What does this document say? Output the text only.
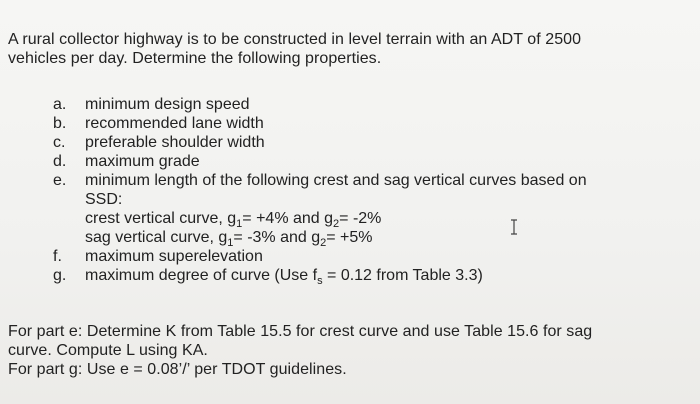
A rural collector highway is to be constructed in level terrain with an ADT of 2500
vehicles per day. Determine the following properties.
a. minimum design speed
b. recommended lane width
c. preferable shoulder width
d. maximum grade
e. minimum length of the following crest and sag vertical curves based on
SSD:
crest vertical curve, $g_1= +4\%$ and $g_2= -2\%$
sag vertical curve, $g_1= -3\%$ and $g_2= +5\%$
f. maximum superelevation
g. maximum degree of curve (Use $f_s = 0.12$ from Table 3.3)
For part e: Determine K from Table 15.5 for crest curve and use Table 15.6 for sag
curve. Compute L using KA.
For part g: Use e = 0.08’/’ per TDOT guidelines.
